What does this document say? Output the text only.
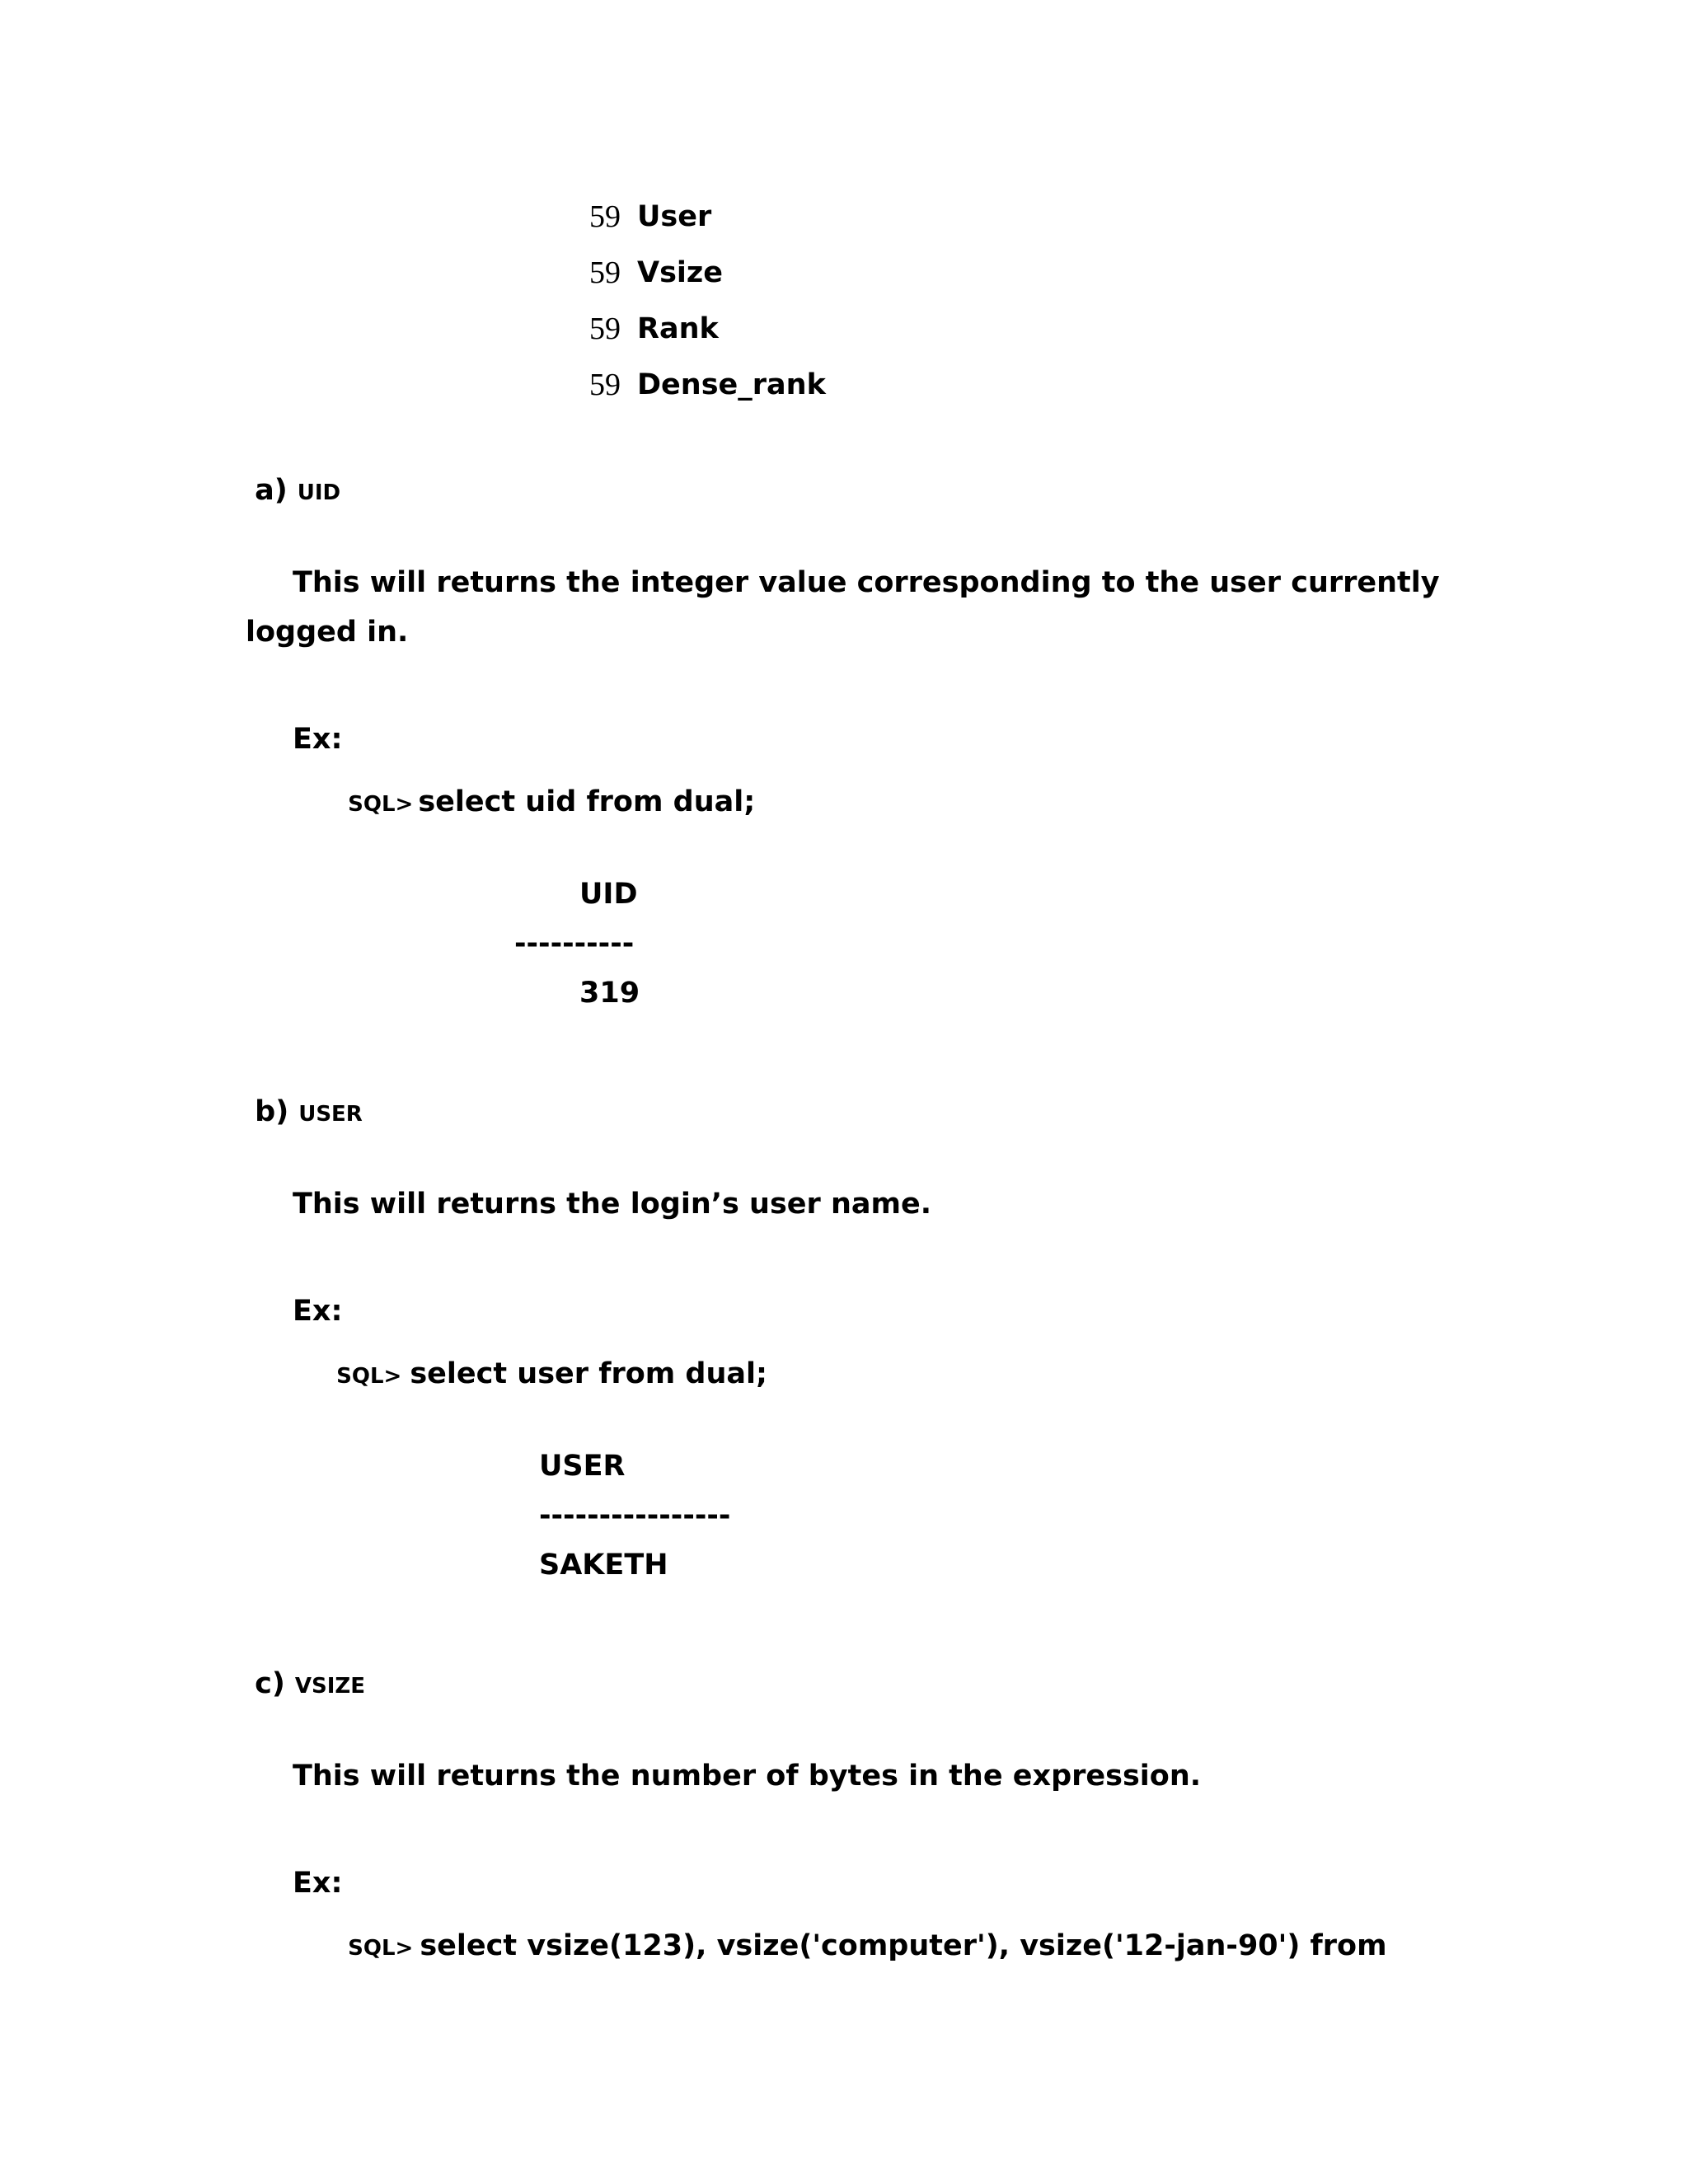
59 User
59 Vsize
59 Rank
59 Dense_rank

a) UID

This will returns the integer value corresponding to the user currently
logged in.
Ex:

SQL> select uid from dual;

UID
----------
319

b) USER

This will returns the login’s user name.
Ex:

SQL> select user from dual;

USER
----------------
SAKETH

c) VSIZE

This will returns the number of bytes in the expression.
Ex:

SQL> select vsize(123), vsize('computer'), vsize('12-jan-90') from
